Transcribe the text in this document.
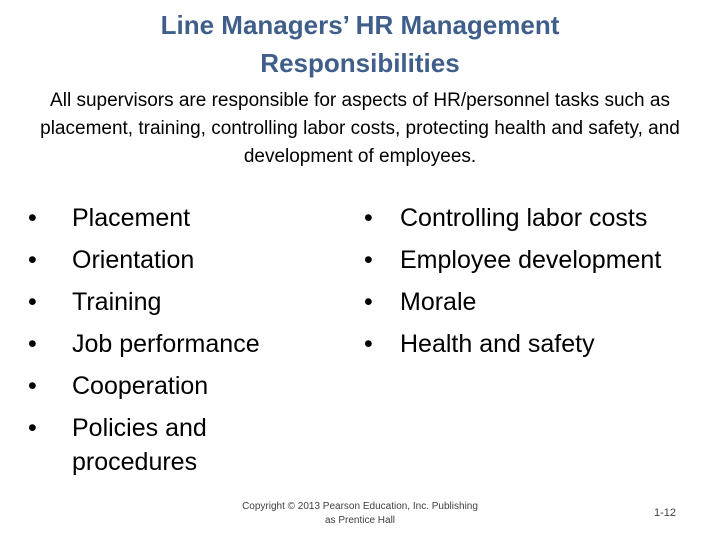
Line Managers’ HR Management Responsibilities
All supervisors are responsible for aspects of HR/personnel tasks such as placement, training, controlling labor costs, protecting health and safety, and development of employees.
• Placement
• Orientation
• Training
• Job performance
• Cooperation
• Policies and procedures
• Controlling labor costs
• Employee development
• Morale
• Health and safety
Copyright © 2013 Pearson Education, Inc. Publishing as Prentice Hall
1-12
